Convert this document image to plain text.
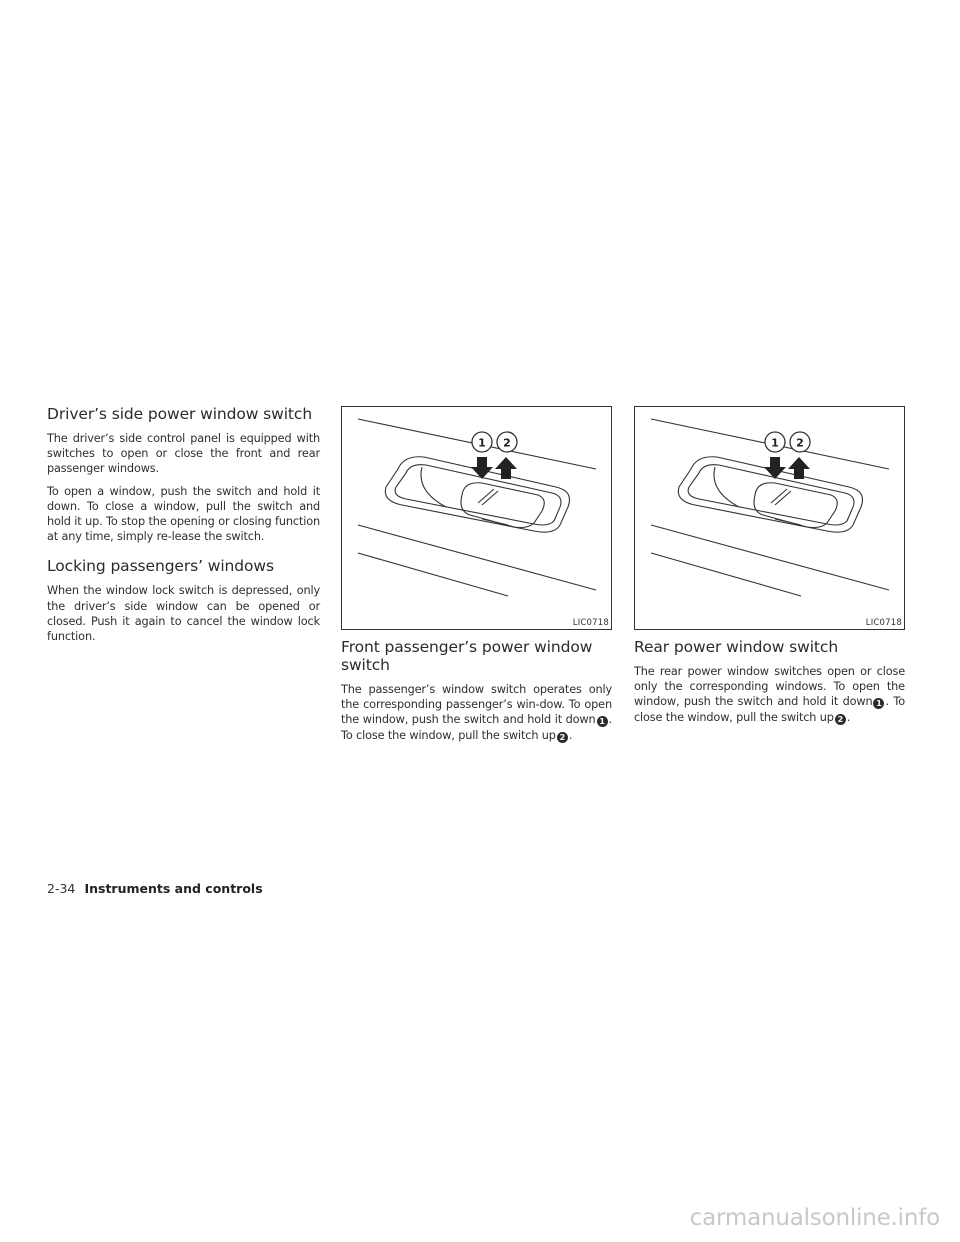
Driver’s side power window switch

The driver’s side control panel is equipped with switches to open or close the front and rear passenger windows.

To open a window, push the switch and hold it down. To close a window, pull the switch and hold it up. To stop the opening or closing function at any time, simply re-lease the switch.

Locking passengers’ windows

When the window lock switch is depressed, only the driver’s side window can be opened or closed. Push it again to cancel the window lock function.

1 2
LIC0718
Front passenger’s power window switch

The passenger’s window switch operates only the corresponding passenger’s win-dow. To open the window, push the switch and hold it down 1 . To close the window, pull the switch up 2 .

1 2
LIC0718
Rear power window switch

The rear power window switches open or close only the corresponding windows. To open the window, push the switch and hold it down 1 . To close the window, pull the switch up 2 .

2-34 Instruments and controls
carmanualsonline.info
